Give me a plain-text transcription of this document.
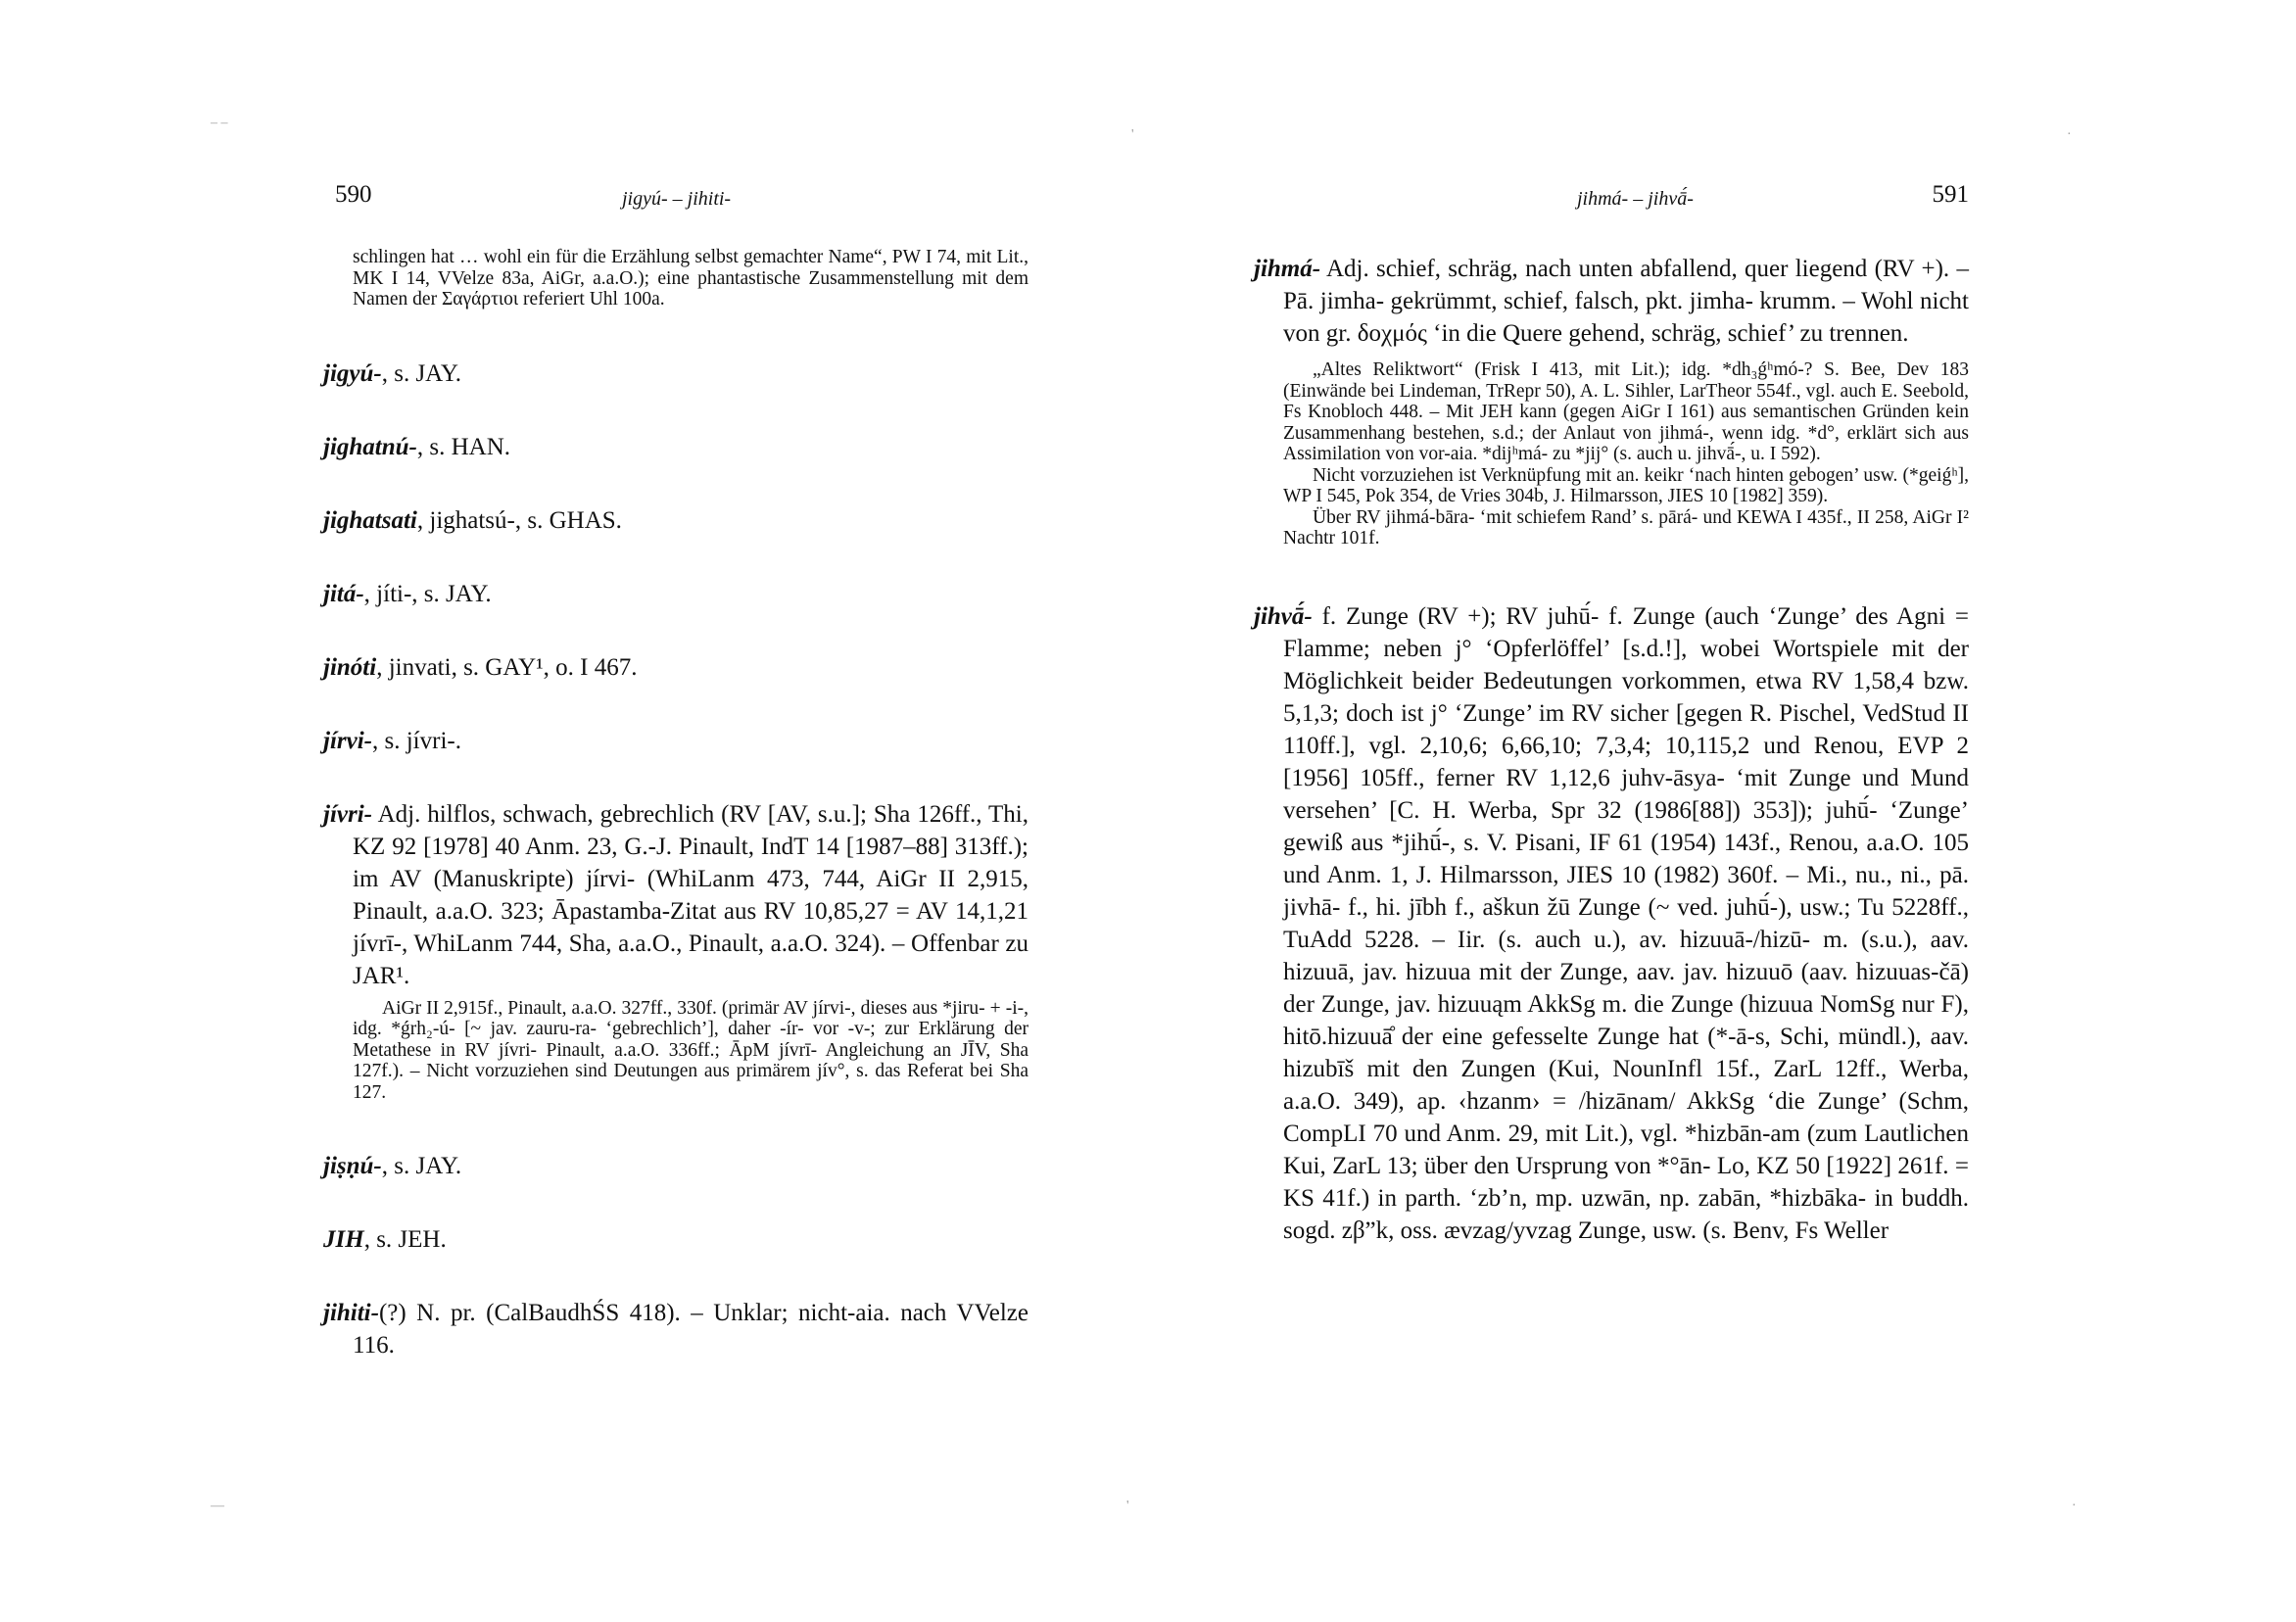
590	jigyú- – jihiti-
schlingen hat … wohl ein für die Erzählung selbst gemachter Name“, PW I 74, mit Lit., MK I 14, VVelze 83a, AiGr, a.a.O.); eine phantastische Zusammenstellung mit dem Namen der Σαγάρτιοι referiert Uhl 100a.

jigyú-, s. JAY.

jighatnú-, s. HAN.

jighatsati, jighatsú-, s. GHAS.

jitá-, jíti-, s. JAY.

jinóti, jinvati, s. GAY¹, o. I 467.

jírvi-, s. jívri-.

jívri- Adj. hilflos, schwach, gebrechlich (RV [AV, s.u.]; Sha 126ff., Thi, KZ 92 [1978] 40 Anm. 23, G.-J. Pinault, IndT 14 [1987–88] 313ff.); im AV (Manuskripte) jírvi- (WhiLanm 473, 744, AiGr II 2,915, Pinault, a.a.O. 323; Āpastamba-Zitat aus RV 10,85,27 = AV 14,1,21 jívrī-, WhiLanm 744, Sha, a.a.O., Pinault, a.a.O. 324). – Offenbar zu JAR¹.

AiGr II 2,915f., Pinault, a.a.O. 327ff., 330f. (primär AV jírvi-, dieses aus *jiru- + -i-, idg. *ǵrh₂-ú- [~ jav. zauru-ra- ‘gebrechlich’], daher -ír- vor -v-; zur Erklärung der Metathese in RV jívri- Pinault, a.a.O. 336ff.; ĀpM jívrī- Angleichung an JĪV, Sha 127f.). – Nicht vorzuziehen sind Deutungen aus primärem jív°, s. das Referat bei Sha 127.

jiṣṇú-, s. JAY.

JIH, s. JEH.

jihiti-(?) N. pr. (CalBaudhŚS 418). – Unklar; nicht-aia. nach VVelze 116.
jihmá- – jihvā́-	591
jihmá- Adj. schief, schräg, nach unten abfallend, quer liegend (RV +). – Pā. jimha- gekrümmt, schief, falsch, pkt. jimha- krumm. – Wohl nicht von gr. δοχμός ‘in die Quere gehend, schräg, schief’ zu trennen.

„Altes Reliktwort“ (Frisk I 413, mit Lit.); idg. *dh₃ǵʰmó-? S. Bee, Dev 183 (Einwände bei Lindeman, TrRepr 50), A. L. Sihler, LarTheor 554f., vgl. auch E. Seebold, Fs Knobloch 448. – Mit JEH kann (gegen AiGr I 161) aus semantischen Gründen kein Zusammenhang bestehen, s.d.; der Anlaut von jihmá-, wenn idg. *d°, erklärt sich aus Assimilation von vor-aia. *dijʰmá- zu *jij° (s. auch u. jihvā́-, u. I 592).

Nicht vorzuziehen ist Verknüpfung mit an. keikr ‘nach hinten gebogen’ usw. (*geiǵʰ], WP I 545, Pok 354, de Vries 304b, J. Hilmarsson, JIES 10 [1982] 359).

Über RV jihmá-bāra- ‘mit schiefem Rand’ s. pārá- und KEWA I 435f., II 258, AiGr I² Nachtr 101f.

jihvā́- f. Zunge (RV +); RV juhū́- f. Zunge (auch ‘Zunge’ des Agni = Flamme; neben j° ‘Opferlöffel’ [s.d.!], wobei Wortspiele mit der Möglichkeit beider Bedeutungen vorkommen, etwa RV 1,58,4 bzw. 5,1,3; doch ist j° ‘Zunge’ im RV sicher [gegen R. Pischel, VedStud II 110ff.], vgl. 2,10,6; 6,66,10; 7,3,4; 10,115,2 und Renou, EVP 2 [1956] 105ff., ferner RV 1,12,6 juhv-āsya- ‘mit Zunge und Mund versehen’ [C. H. Werba, Spr 32 (1986[88]) 353]); juhū́- ‘Zunge’ gewiß aus *jihū́-, s. V. Pisani, IF 61 (1954) 143f., Renou, a.a.O. 105 und Anm. 1, J. Hilmarsson, JIES 10 (1982) 360f. – Mi., nu., ni., pā. jivhā- f., hi. jībh f., aškun žū Zunge (~ ved. juhū́-), usw.; Tu 5228ff., TuAdd 5228. – Iir. (s. auch u.), av. hizuuā-/hizū- m. (s.u.), aav. hizuuā, jav. hizuua mit der Zunge, aav. jav. hizuuō (aav. hizuuas-čā) der Zunge, jav. hizuuąm AkkSg m. die Zunge (hizuua NomSg nur F), hitō.hizuuā̊ der eine gefesselte Zunge hat (*-ā-s, Schi, mündl.), aav. hizubīš mit den Zungen (Kui, NounInfl 15f., ZarL 12ff., Werba, a.a.O. 349), ap. ‹hzanm› = /hizānam/ AkkSg ‘die Zunge’ (Schm, CompLI 70 und Anm. 29, mit Lit.), vgl. *hizbān-am (zum Lautlichen Kui, ZarL 13; über den Ursprung von *°ān- Lo, KZ 50 [1922] 261f. = KS 41f.) in parth. ‘zb’n, mp. uzwān, np. zabān, *hizbāka- in buddh. sogd. zβ”k, oss. ævzag/yvzag Zunge, usw. (s. Benv, Fs Weller
– –
'	·
—	'	·
